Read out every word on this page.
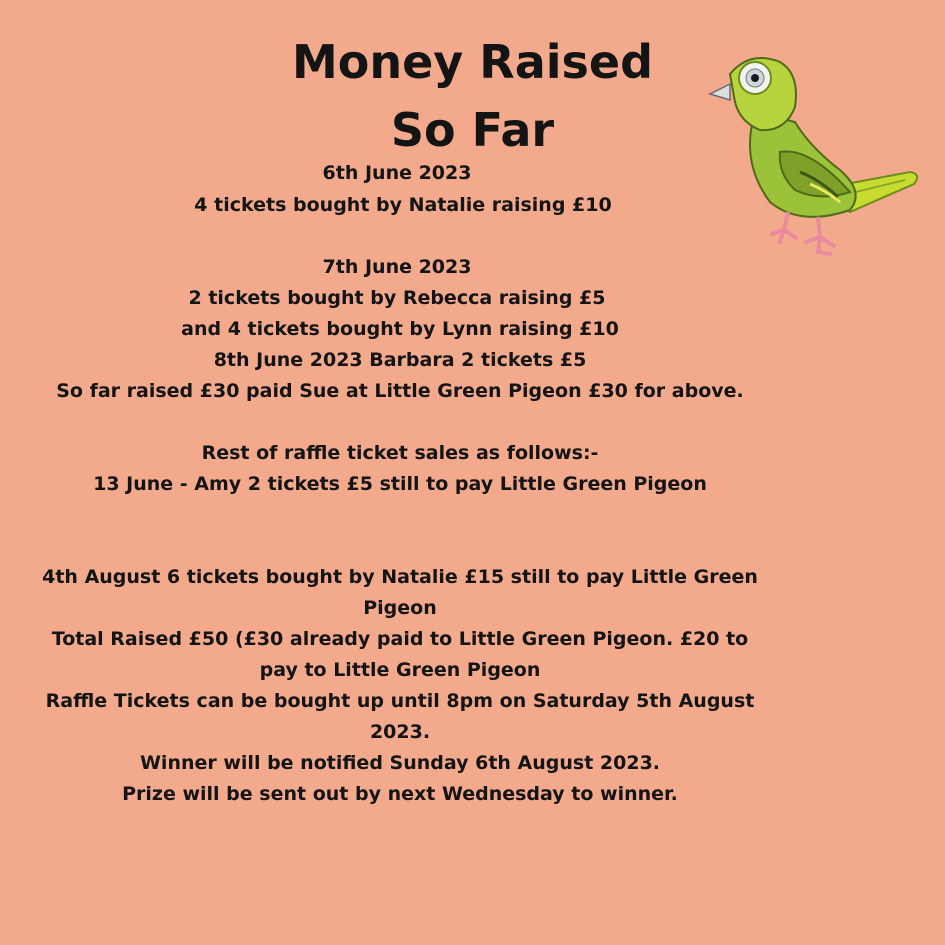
Money Raised
So Far

6th June 2023

4 tickets bought by Natalie raising £10

7th June 2023

2 tickets bought by Rebecca raising £5

and 4 tickets bought by Lynn raising £10

8th June 2023 Barbara 2 tickets £5

So far raised £30 paid Sue at Little Green Pigeon £30 for above.

Rest of raffle ticket sales as follows:-

13 June - Amy 2 tickets £5 still to pay Little Green Pigeon

4th August 6 tickets bought by Natalie £15 still to pay Little Green

Pigeon

Total Raised £50 (£30 already paid to Little Green Pigeon. £20 to

pay to Little Green Pigeon

Raffle Tickets can be bought up until 8pm on Saturday 5th August

2023.

Winner will be notified Sunday 6th August 2023.

Prize will be sent out by next Wednesday to winner.
